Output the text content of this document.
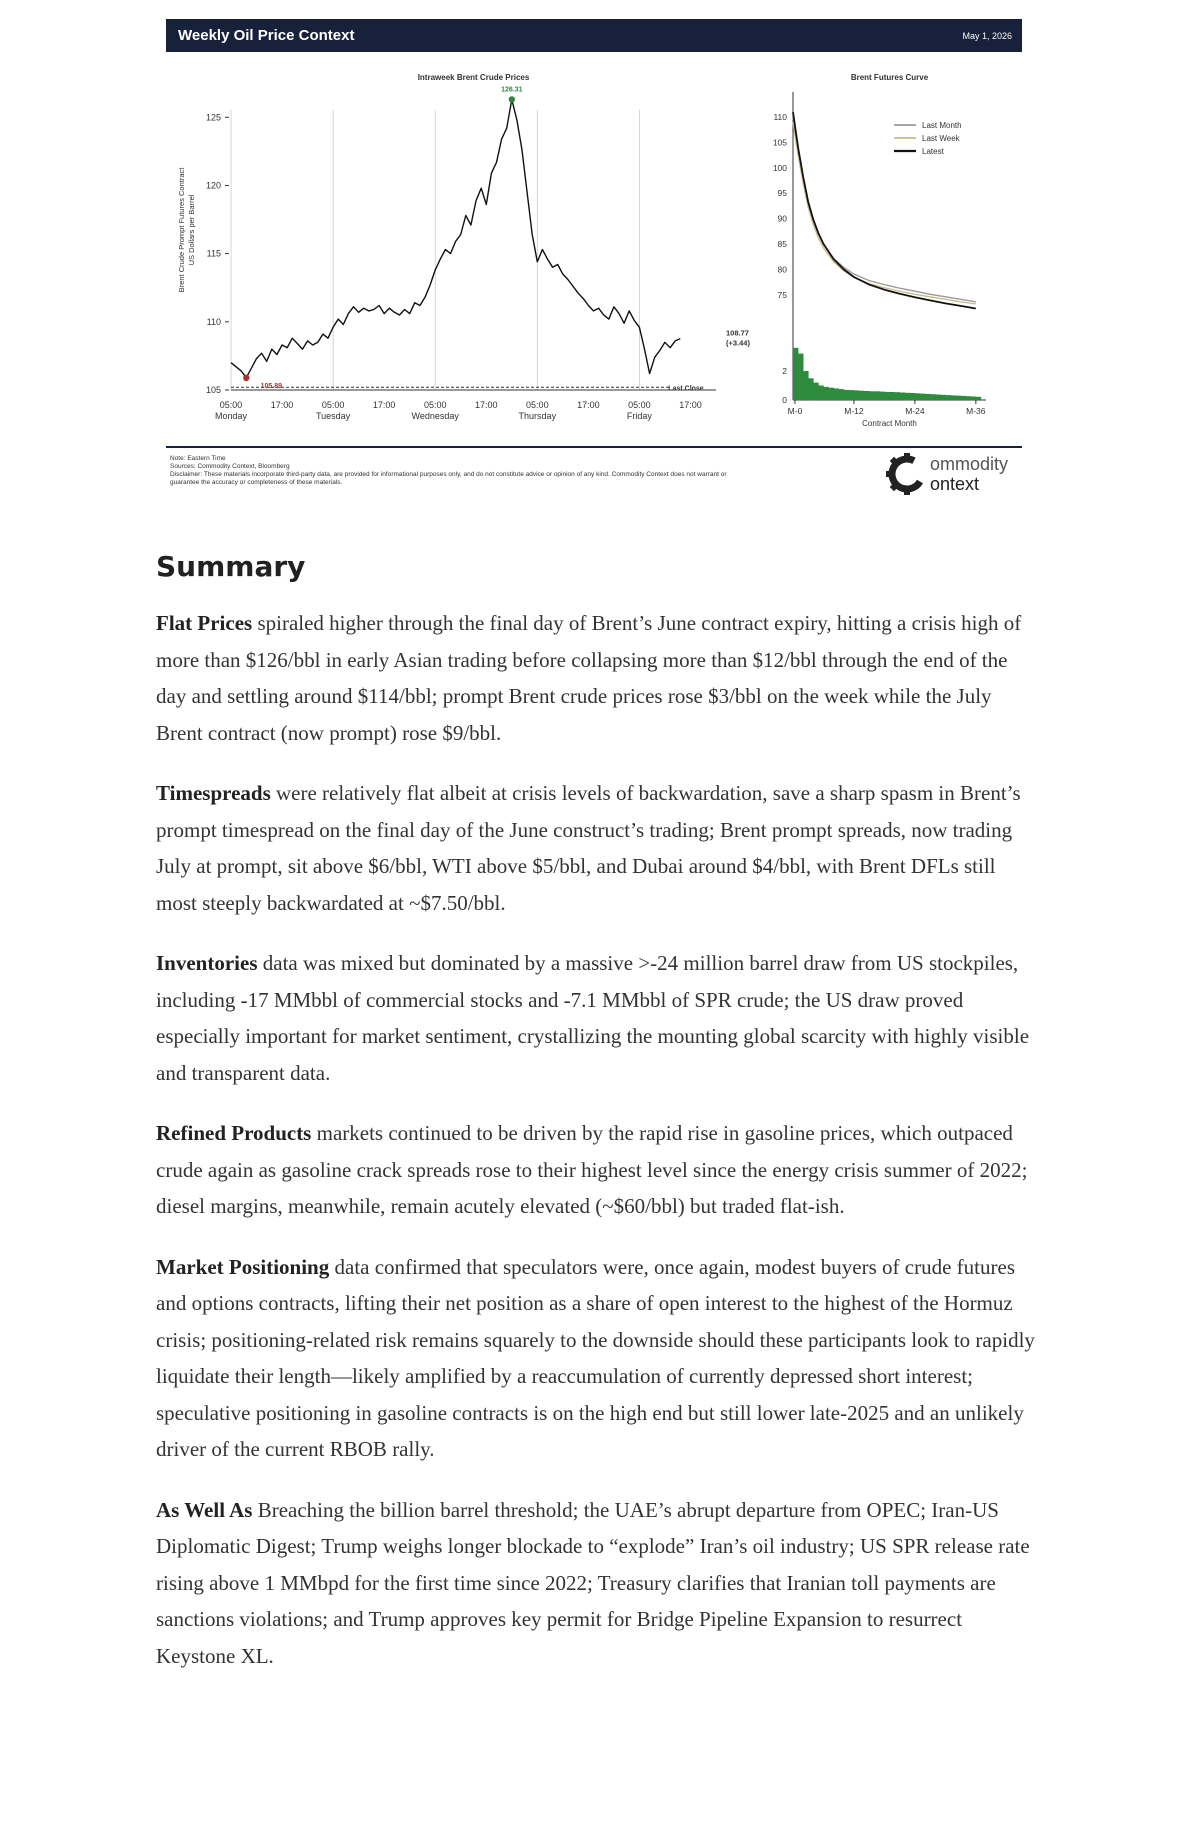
Weekly Oil Price Context	May 1, 2026
Intraweek Brent Crude Prices
Brent Crude Prompt Futures Contract US Dollars per Barrel
105
110
115
120
125
05:00
Monday
17:00	05:00
Tuesday
17:00	05:00
Wednesday
17:00	05:00
Thursday
17:00	05:00
Friday
17:00
Last Close
126.31
105.89
108.77
(+3.44)
Brent Futures Curve
75
80
85
90
95
100
105
110
0
2
Last Month
Last Week
Latest
M-0	M-12	M-24	M-36
Contract Month
Note: Eastern Time
Sources: Commodity Context, Bloomberg
Disclaimer: These materials incorporate third-party data, are provided for informational purposes only, and do not constitute advice or opinion of any kind. Commodity Context does not warrant or guarantee the accuracy or completeness of these materials.
ommodity
ontext
Summary

Flat Prices spiraled higher through the final day of Brent’s June contract expiry, hitting a crisis high of more than $126/bbl in early Asian trading before collapsing more than $12/bbl through the end of the day and settling around $114/bbl; prompt Brent crude prices rose $3/bbl on the week while the July Brent contract (now prompt) rose $9/bbl.

Timespreads were relatively flat albeit at crisis levels of backwardation, save a sharp spasm in Brent’s prompt timespread on the final day of the June construct’s trading; Brent prompt spreads, now trading July at prompt, sit above $6/bbl, WTI above $5/bbl, and Dubai around $4/bbl, with Brent DFLs still most steeply backwardated at ~$7.50/bbl.

Inventories data was mixed but dominated by a massive >-24 million barrel draw from US stockpiles, including -17 MMbbl of commercial stocks and -7.1 MMbbl of SPR crude; the US draw proved especially important for market sentiment, crystallizing the mounting global scarcity with highly visible and transparent data.

Refined Products markets continued to be driven by the rapid rise in gasoline prices, which outpaced crude again as gasoline crack spreads rose to their highest level since the energy crisis summer of 2022; diesel margins, meanwhile, remain acutely elevated (~$60/bbl) but traded flat-ish.

Market Positioning data confirmed that speculators were, once again, modest buyers of crude futures and options contracts, lifting their net position as a share of open interest to the highest of the Hormuz crisis; positioning-related risk remains squarely to the downside should these participants look to rapidly liquidate their length—likely amplified by a reaccumulation of currently depressed short interest; speculative positioning in gasoline contracts is on the high end but still lower late-2025 and an unlikely driver of the current RBOB rally.

As Well As Breaching the billion barrel threshold; the UAE’s abrupt departure from OPEC; Iran-US Diplomatic Digest; Trump weighs longer blockade to “explode” Iran’s oil industry; US SPR release rate rising above 1 MMbpd for the first time since 2022; Treasury clarifies that Iranian toll payments are sanctions violations; and Trump approves key permit for Bridge Pipeline Expansion to resurrect Keystone XL.
